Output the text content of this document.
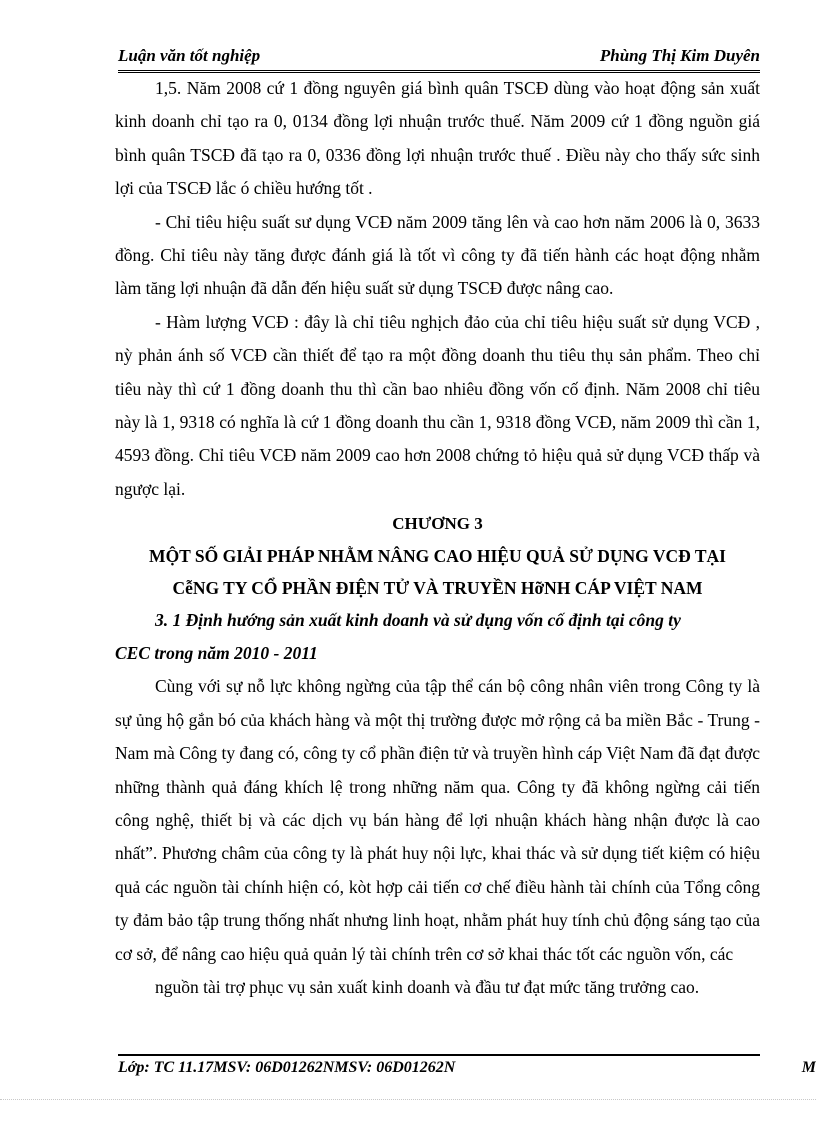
Luận văn tốt nghiệp	Phùng Thị Kim Duyên

1,5. Năm 2008 cứ 1 đồng nguyên giá bình quân TSCĐ dùng vào hoạt động sản xuất kinh doanh chỉ tạo ra 0, 0134 đồng lợi nhuận trước thuế. Năm 2009 cứ 1 đồng nguồn giá bình quân TSCĐ đã tạo ra 0, 0336 đồng lợi nhuận trước thuế . Điều này cho thấy sức sinh lợi của TSCĐ lắc ó chiều hướng tốt .

- Chỉ tiêu hiệu suất sư dụng VCĐ năm 2009 tăng lên và cao hơn năm 2006 là 0, 3633 đồng. Chỉ tiêu này tăng được đánh giá là tốt vì công ty đã tiến hành các hoạt động nhằm làm tăng lợi nhuận đã dẫn đến hiệu suất sử dụng TSCĐ được nâng cao.

- Hàm lượng VCĐ : đây là chỉ tiêu nghịch đảo của chỉ tiêu hiệu suất sử dụng VCĐ , nỳ phản ánh số VCĐ cần thiết để tạo ra một đồng doanh thu tiêu thụ sản phẩm. Theo chỉ tiêu này thì cứ 1 đồng doanh thu thì cần bao nhiêu đồng vốn cố định. Năm 2008 chỉ tiêu này là 1, 9318 có nghĩa là cứ 1 đồng doanh thu cần 1, 9318 đồng VCĐ, năm 2009 thì cần 1, 4593 đồng. Chỉ tiêu VCĐ năm 2009 cao hơn 2008 chứng tỏ hiệu quả sử dụng VCĐ thấp và ngược lại.

CHƯƠNG 3

MỘT SỐ GIẢI PHÁP NHẰM NÂNG CAO HIỆU QUẢ SỬ DỤNG VCĐ TẠI

CễNG TY CỔ PHẦN ĐIỆN TỬ VÀ TRUYỀN HỡNH CÁP VIỆT NAM

3. 1 Định hướng sản xuất kinh doanh và sử dụng vốn cố định tại công ty

CEC trong năm 2010 - 2011

Cùng với sự nỗ lực không ngừng của tập thể cán bộ công nhân viên trong Công ty là sự ủng hộ gắn bó của khách hàng và một thị trường được mở rộng cả ba miền Bắc - Trung - Nam mà Công ty đang có, công ty cổ phần điện tử và truyền hình cáp Việt Nam đã đạt được những thành quả đáng khích lệ trong những năm qua. Công ty đã không ngừng cải tiến công nghệ, thiết bị và các dịch vụ bán hàng để lợi nhuận khách hàng nhận được là cao nhất”. Phương châm của công ty là phát huy nội lực, khai thác và sử dụng tiết kiệm có hiệu quả các nguồn tài chính hiện có, kòt hợp cải tiến cơ chế điều hành tài chính của Tổng công ty đảm bảo tập trung thống nhất nhưng linh hoạt, nhằm phát huy tính chủ động sáng tạo của cơ sở, để nâng cao hiệu quả quản lý tài chính trên cơ sở khai thác tốt các nguồn vốn, các

nguồn tài trợ phục vụ sản xuất kinh doanh và đầu tư đạt mức tăng trưởng cao.

Lớp: TC 11.17MSV: 06D01262NMSV: 06D01262N	M
